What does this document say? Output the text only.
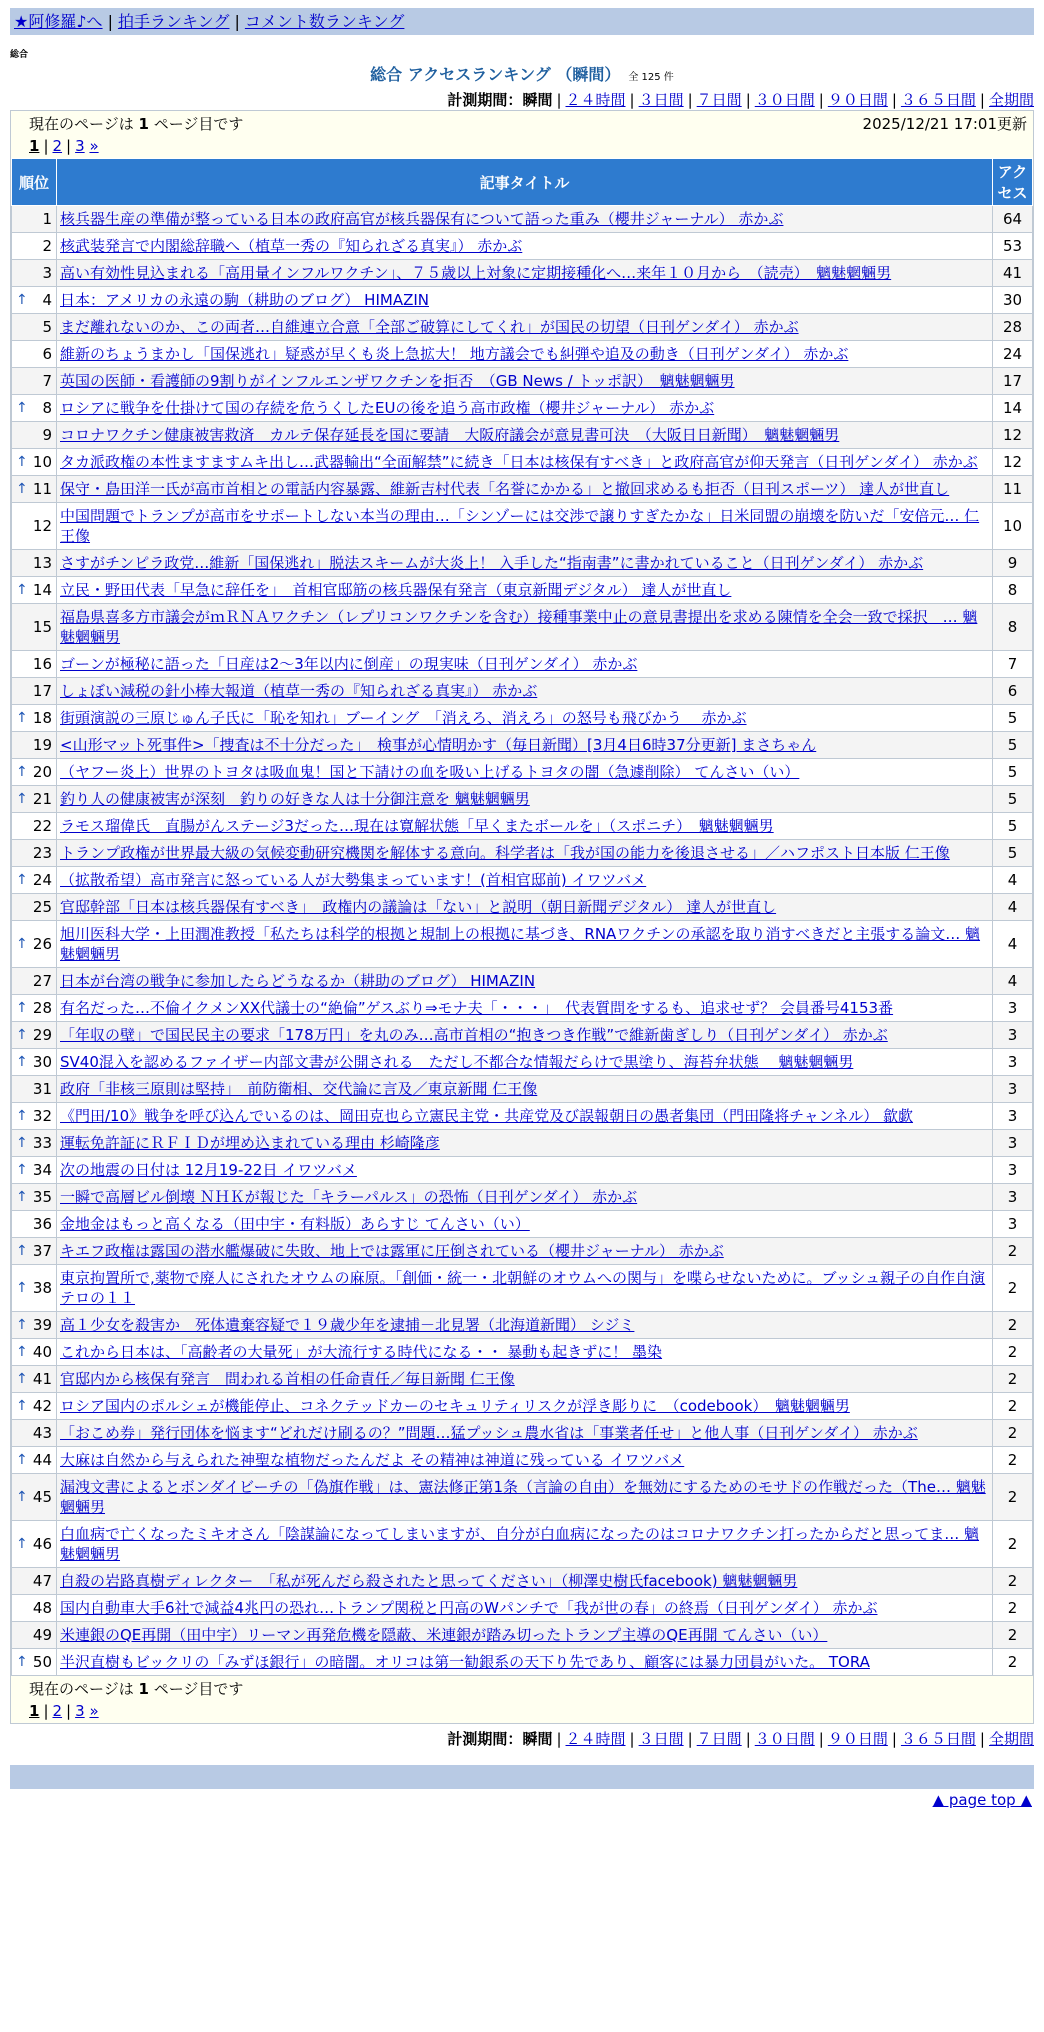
★阿修羅♪へ | 拍手ランキング | コメント数ランキング
総合
総合 アクセスランキング （瞬間） 全 125 件
計測期間：瞬間 | ２４時間 | ３日間 | ７日間 | ３０日間 | ９０日間 | ３６５日間 | 全期間
現在のページは 1 ページ目です	2025/12/21 17:01更新
1 | 2 | 3 »
順位	記事タイトル	アクセス
1	核兵器生産の準備が整っている日本の政府高官が核兵器保有について語った重み（櫻井ジャーナル） 赤かぶ	64
2	核武装発言で内閣総辞職へ（植草一秀の『知られざる真実』） 赤かぶ	53
3	高い有効性見込まれる「高用量インフルワクチン」、７５歳以上対象に定期接種化へ…来年１０月から　（読売）　魑魅魍魎男	41

↑ 4	日本：アメリカの永遠の駒（耕助のブログ） HIMAZIN	30
5	まだ離れないのか、この両者…自維連立合意「全部ご破算にしてくれ」が国民の切望（日刊ゲンダイ） 赤かぶ	28
6	維新のちょうまかし「国保逃れ」疑惑が早くも炎上急拡大！ 地方議会でも糾弾や追及の動き（日刊ゲンダイ） 赤かぶ	24
7	英国の医師・看護師の9割りがインフルエンザワクチンを拒否　（GB News / トッポ訳）　魑魅魍魎男	17

↑ 8	ロシアに戦争を仕掛けて国の存続を危うくしたEUの後を追う高市政権（櫻井ジャーナル） 赤かぶ	14
9	コロナワクチン健康被害救済　カルテ保存延長を国に要請　大阪府議会が意見書可決　（大阪日日新聞）　魑魅魍魎男	12

↑ 10	タカ派政権の本性ますますムキ出し…武器輸出“全面解禁”に続き「日本は核保有すべき」と政府高官が仰天発言（日刊ゲンダイ） 赤かぶ	12

↑ 11	保守・島田洋一氏が高市首相との電話内容暴露、維新吉村代表「名誉にかかる」と撤回求めるも拒否（日刊スポーツ） 達人が世直し	11
12	中国問題でトランプが高市をサポートしない本当の理由…「シンゾーには交渉で譲りすぎたかな」日米同盟の崩壊を防いだ「安倍元… 仁王像	10
13	さすがチンピラ政党…維新「国保逃れ」脱法スキームが大炎上！ 入手した“指南書”に書かれていること（日刊ゲンダイ） 赤かぶ	9

↑ 14	立民・野田代表「早急に辞任を」　首相官邸筋の核兵器保有発言（東京新聞デジタル） 達人が世直し	8
15	福島県喜多方市議会がｍＲＮＡワクチン（レプリコンワクチンを含む）接種事業中止の意見書提出を求める陳情を全会一致で採択　… 魑魅魍魎男	8
16	ゴーンが極秘に語った「日産は2～3年以内に倒産」の現実味（日刊ゲンダイ） 赤かぶ	7
17	しょぼい減税の針小棒大報道（植草一秀の『知られざる真実』） 赤かぶ	6

↑ 18	街頭演説の三原じゅん子氏に「恥を知れ」ブーイング　「消えろ、消えろ」の怒号も飛びかう　 赤かぶ	5
19	<山形マット死事件>「捜査は不十分だった」　検事が心情明かす（毎日新聞）[3月4日6時37分更新] まさちゃん	5

↑ 20	（ヤフー炎上）世界のトヨタは吸血鬼！国と下請けの血を吸い上げるトヨタの闇（急遽削除） てんさい（い）	5

↑ 21	釣り人の健康被害が深刻　釣りの好きな人は十分御注意を 魑魅魍魎男	5
22	ラモス瑠偉氏　直腸がんステージ3だった…現在は寛解状態「早くまたボールを」（スポニチ）　魑魅魍魎男	5
23	トランプ政権が世界最大級の気候変動研究機関を解体する意向。科学者は「我が国の能力を後退させる」／ハフポスト日本版 仁王像	5

↑ 24	（拡散希望）高市発言に怒っている人が大勢集まっています！(首相官邸前) イワツバメ	4
25	官邸幹部「日本は核兵器保有すべき」　政権内の議論は「ない」と説明（朝日新聞デジタル） 達人が世直し	4

↑ 26	旭川医科大学・上田潤准教授「私たちは科学的根拠と規制上の根拠に基づき、RNAワクチンの承認を取り消すべきだと主張する論文… 魑魅魍魎男	4
27	日本が台湾の戦争に参加したらどうなるか（耕助のブログ） HIMAZIN	4

↑ 28	有名だった…不倫イクメンXX代議士の“絶倫”ゲスぶり⇒モナ夫「・・・」　代表質問をするも、追求せず？ 会員番号4153番	3

↑ 29	「年収の壁」で国民民主の要求「178万円」を丸のみ…高市首相の“抱きつき作戦”で維新歯ぎしり（日刊ゲンダイ） 赤かぶ	3

↑ 30	SV40混入を認めるファイザー内部文書が公開される　ただし不都合な情報だらけで黒塗り、海苔弁状態　 魑魅魍魎男	3
31	政府「非核三原則は堅持」　前防衛相、交代論に言及／東京新聞 仁王像	3

↑ 32	《門田/10》戦争を呼び込んでいるのは、岡田克也ら立憲民主党・共産党及び誤報朝日の愚者集団（門田隆将チャンネル） 歙歔	3

↑ 33	運転免許証にＲＦＩＤが埋め込まれている理由 杉崎隆彦	3

↑ 34	次の地震の日付は 12月19-22日 イワツバメ	3

↑ 35	一瞬で高層ビル倒壊 ＮＨＫが報じた「キラーパルス」の恐怖（日刊ゲンダイ） 赤かぶ	3
36	金地金はもっと高くなる（田中宇・有料版）あらすじ てんさい（い）	3

↑ 37	キエフ政権は露国の潜水艦爆破に失敗、地上では露軍に圧倒されている（櫻井ジャーナル） 赤かぶ	2

↑ 38	東京拘置所で,薬物で廃人にされたオウムの麻原。「創価・統一・北朝鮮のオウムへの関与」を喋らせないために。ブッシュ親子の自作自演テロの１１	2

↑ 39	高１少女を殺害か　死体遺棄容疑で１９歳少年を逮捕－北見署（北海道新聞） シジミ	2

↑ 40	これから日本は、「高齢者の大量死」が大流行する時代になる・・ 暴動も起きずに！ 墨染	2

↑ 41	官邸内から核保有発言　問われる首相の任命責任／毎日新聞 仁王像	2

↑ 42	ロシア国内のポルシェが機能停止、コネクテッドカーのセキュリティリスクが浮き彫りに　（codebook）　魑魅魍魎男	2
43	「おこめ券」発行団体を悩ます“どれだけ刷るの？”問題…猛プッシュ農水省は「事業者任せ」と他人事（日刊ゲンダイ） 赤かぶ	2

↑ 44	大麻は自然から与えられた神聖な植物だったんだよ その精神は神道に残っている イワツバメ	2

↑ 45	漏洩文書によるとボンダイビーチの「偽旗作戦」は、憲法修正第1条（言論の自由）を無効にするためのモサドの作戦だった（The… 魑魅魍魎男	2

↑ 46	白血病で亡くなったミキオさん「陰謀論になってしまいますが、自分が白血病になったのはコロナワクチン打ったからだと思ってま… 魑魅魍魎男	2
47	自殺の岩路真樹ディレクター　「私が死んだら殺されたと思ってください」（柳澤史樹氏facebook) 魑魅魍魎男	2
48	国内自動車大手6社で減益4兆円の恐れ…トランプ関税と円高のWパンチで「我が世の春」の終焉（日刊ゲンダイ） 赤かぶ	2
49	米連銀のQE再開（田中宇）リーマン再発危機を隠蔽、米連銀が踏み切ったトランプ主導のQE再開 てんさい（い）	2

↑ 50	半沢直樹もビックリの「みずほ銀行」の暗闇。オリコは第一勧銀系の天下り先であり、顧客には暴力団員がいた。 TORA	2
現在のページは 1 ページ目です
1 | 2 | 3 »
計測期間：瞬間 | ２４時間 | ３日間 | ７日間 | ３０日間 | ９０日間 | ３６５日間 | 全期間
▲ page top ▲
